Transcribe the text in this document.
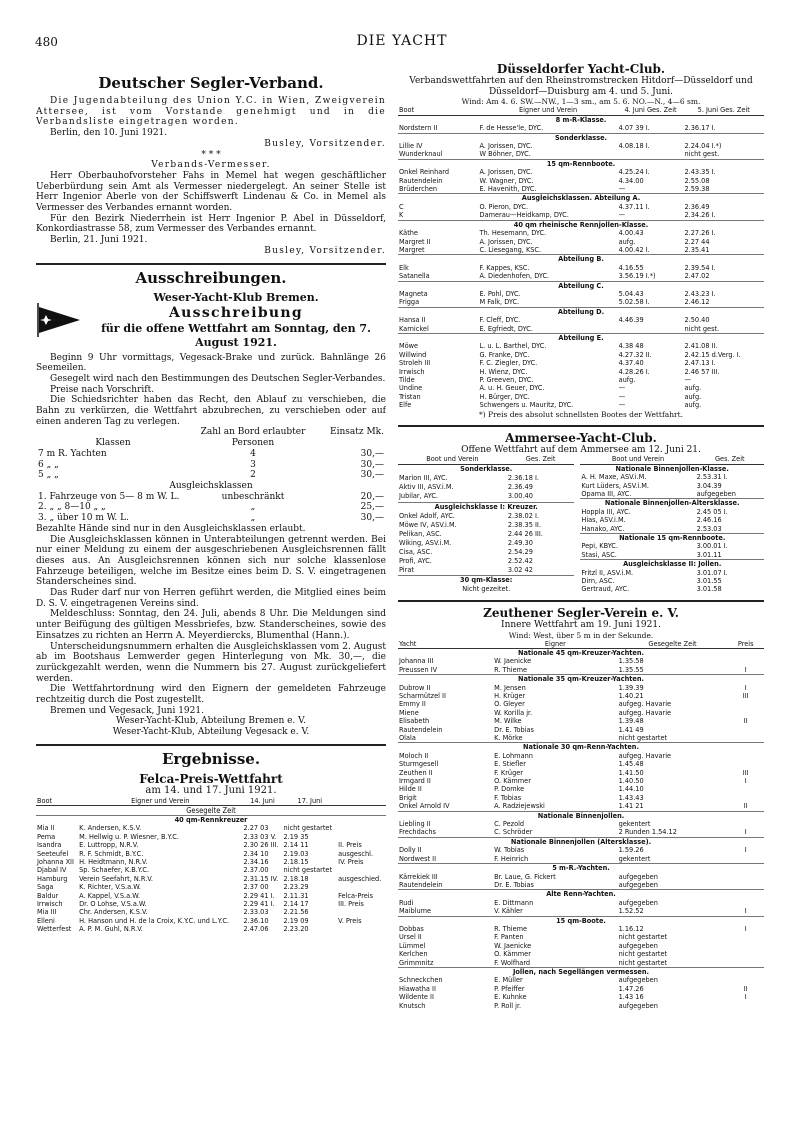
480	DIE YACHT
Deutscher Segler-Verband.
Die Jugendabteilung des Union Y.C. in Wien, Zweigverein Attersee, ist vom Vorstande genehmigt und in die Verbandsliste eingetragen worden.
Berlin, den 10. Juni 1921.
Busley, Vorsitzender.
* * *
Verbands-Vermesser.
Herr Oberbauhofvorsteher Fahs in Memel hat wegen geschäftlicher Ueberbürdung sein Amt als Vermesser niedergelegt. An seiner Stelle ist Herr Ingenior Aberle von der Schiffswerft Lindenau & Co. in Memel als Vermesser des Verbandes ernannt worden.
Für den Bezirk Niederrhein ist Herr Ingenior P. Abel in Düsseldorf, Konkordiastrasse 58, zum Vermesser des Verbandes ernannt.
Berlin, 21. Juni 1921.
Busley, Vorsitzender.
Ausschreibungen.
Weser-Yacht-Klub Bremen.
Ausschreibung
für die offene Wettfahrt am Sonntag, den 7. August 1921.
Beginn 9 Uhr vormittags, Vegesack-Brake und zurück. Bahnlänge 26 Seemeilen.
Gesegelt wird nach den Bestimmungen des Deutschen Segler-Verbandes.
Preise nach Vorschrift.
Die Schiedsrichter haben das Recht, den Ablauf zu verschieben, die Bahn zu verkürzen, die Wettfahrt abzubrechen, zu verschieben oder auf einen anderen Tag zu verlegen.
Klassen	Zahl an Bord erlaubter Personen	Einsatz Mk.
7 m R. Yachten	4	30,—
6 „ „	3	30,—
5 „ „	2	30,—
Ausgleichsklassen		
1. Fahrzeuge von 5— 8 m W. L.	unbeschränkt	20,—
2. „ „ 8—10 „ „	„	25,—
3. „ über 10 m W. L.	„	30,—
Bezahlte Hände sind nur in den Ausgleichsklassen erlaubt.
Die Ausgleichsklassen können in Unterabteilungen getrennt werden. Bei nur einer Meldung zu einem der ausgeschriebenen Ausgleichsrennen fällt dieses aus. An Ausgleichsrennen können sich nur solche klassenlose Fahrzeuge beteiligen, welche im Besitze eines beim D. S. V. eingetragenen Standerscheines sind.
Das Ruder darf nur von Herren geführt werden, die Mitglied eines beim D. S. V. eingetragenen Vereins sind.
Meldeschluss: Sonntag, den 24. Juli, abends 8 Uhr. Die Meldungen sind unter Beifügung des gültigen Messbriefes, bzw. Standerscheines, sowie des Einsatzes zu richten an Herrn A. Meyerdiercks, Blumenthal (Hann.).
Unterscheidungsnummern erhalten die Ausgleichsklassen vom 2. August ab im Bootshaus Lemwerder gegen Hinterlegung von Mk. 30,—, die zurückgezahlt werden, wenn die Nummern bis 27. August zurückgeliefert werden.
Die Wettfahrtordnung wird den Eignern der gemeldeten Fahrzeuge rechtzeitig durch die Post zugestellt.
Bremen und Vegesack, Juni 1921.
Weser-Yacht-Klub, Abteilung Bremen e. V.
Weser-Yacht-Klub, Abteilung Vegesack e. V.
Ergebnisse.
Felca-Preis-Wettfahrt
am 14. und 17. Juni 1921.
Boot	Eigner und Verein	14. Juni	17. Juni	
Gesegelte Zeit				
40 qm-Rennkreuzer				
Mia II	K. Andersen, K.S.V.	2.27 03	nicht gestartet	
Pema	M. Hellwig u. P. Wiesner, B.Y.C.	2.33 03 V.	2.19 35	
Isandra	E. Luttropp, N.R.V.	2.30 26 III.	2.14 11	II. Preis
Seeteufel	R. F. Schmidt, B.Y.C.	2.34 10	2.19.03	ausgeschl.
Johanna XII	H. Heidtmann, N.R.V.	2.34.16	2.18.15	IV. Preis
Djabal IV	Sp. Schaefer, K.B.Y.C.	2.37.00	nicht gestartet	
Hamburg	Verein Seefahrt, N.R.V.	2.31.15 IV.	2.18.18	ausgeschied.
Saga	K. Richter, V.S.a.W.	2.37 00	2.23.29	
Baldur	A. Kappel, V.S.a.W.	2.29 41 I.	2.11.31	Felca-Preis
Irrwisch	Dr. O Lohse, V.S.a.W.	2.29 41 I.	2.14 17	III. Preis
Mia III	Chr. Andersen, K.S.V.	2.33.03	2.21.56	
Elleni	H. Hanson und H. de la Croix, K.Y.C. und L.Y.C.	2.36.10	2.19 09	V. Preis
Wetterfest	A. P. M. Guhl, N.R.V.	2.47.06	2.23.20	
Düsseldorfer Yacht-Club.
Verbandswettfahrten auf den Rheinstromstrecken Hitdorf—Düsseldorf und Düsseldorf—Duisburg am 4. und 5. Juni.
Wind: Am 4. 6. SW.—NW., 1—3 sm., am 5. 6. NO.—N., 4—6 sm.
Boot	Eigner und Verein	4. Juni Ges. Zeit	5. Juni Ges. Zeit
8 m-R-Klasse.			
Nordstern II	F. de Hesse'le, DYC.	4.07 39 I.	2.36.17 I.
Sonderklasse.			
Lillie IV	A. Jorissen, DYC.	4.08.18 I.	2.24.04 I.*)
Wunderknaul	W Böhner, DYC.		nicht gest.
15 qm-Rennboote.			
Onkel Reinhard	A. Jorissen, DYC.	4.25.24 I.	2.43.35 I.
Rautendelein	W. Wagner, DYC.	4.34.00	2.55.08
Brüderchen	E. Havenith, DYC.	—	2.59.38
Ausgleichsklassen. Abteilung A.			
C	O. Pieron, DYC.	4.37.11 I.	2.36.49
K	Damerau—Heidkamp, DYC.	—	2.34.26 I.
40 qm rheinische Rennjollen-Klasse.			
Käthe	Th. Hesemann, DYC.	4.00.43	2.27.26 I.
Margret II	A. Jorissen, DYC.	aufg.	2.27 44
Margret	C. Liesegang, KSC.	4.00.42 I.	2.35.41
Abteilung B.			
Elk	F. Kappes, KSC.	4.16.55	2.39.54 I.
Satanella	A. Diedenhofen, DYC.	3.56.19 I.*)	2.47.02
Abteilung C.			
Magneta	E. Pohl, DYC.	5.04.43	2.43.23 I.
Frigga	M Falk, DYC.	5.02.58 I.	2.46.12
Abteilung D.			
Hansa II	F. Cleff, DYC.	4.46.39	2.50.40
Karnickel	E. Egfriedt, DYC.		nicht gest.
Abteilung E.			
Möwe	L. u. L. Barthel, DYC.	4.38 48	2.41.08 II.
Willwind	G. Franke, DYC.	4.27.32 II.	2.42.15 d.Verg. I.
Stroleh III	F. C. Ziegler, DYC.	4.37.40	2.47.13 I.
Irrwisch	H. Wienz, DYC.	4.28.26 I.	2.46 57 III.
Tilde	P. Greeven, DYC.	aufg.	—
Undine	A. u. H. Geuer, DYC.	—	aufg.
Tristan	H. Bürger, DYC.	—	aufg.
Elfe	Schwengers u. Mauritz, DYC.	—	aufg.
*) Preis des absolut schnellsten Bootes der Wettfahrt.
Ammersee-Yacht-Club.
Offene Wettfahrt auf dem Ammersee am 12. Juni 21.
Boot und Verein	Ges. Zeit
Sonderklasse.	
Marion III, AYC.	2.36.18 I.
Aktiv III, ASV.i.M.	2.36.49
Jubilar, AYC.	3.00.40
Ausgleichsklasse I: Kreuzer.	
Onkel Adolf, AYC.	2.38.02 I.
Möwe IV, ASV.i.M.	2.38.35 II.
Pelikan, ASC.	2.44 26 III.
Wiking, ASV.i.M.	2.49.30
Cisa, ASC.	2.54.29
Profi, AYC.	2.52.42
Pirat	3.02 42
30 qm-Klasse:	
Nicht gezeitet.	
Boot und Verein	Ges. Zeit
Nationale Binnenjollen-Klasse.	
A. H. Maxe, ASV.i.M.	2.53.31 I.
Kurt Lüders, ASV.i.M.	3.04.39
Opama III, AYC.	aufgegeben
Nationale Binnenjollen-Altersklasse.	
Hoppla III, AYC.	2.45 05 I.
Hias, ASV.i.M.	2.46.16
Hanako, AYC.	2.53.03
Nationale 15 qm-Rennboote.	
Pepi, KBYC.	3.00.01 I.
Stasi, ASC.	3.01.11
Ausgleichsklasse II: Jollen.	
Fritzl II, ASV.i.M.	3.01.07 I.
Dirn, ASC.	3.01.55
Gertraud, AYC.	3.01.58
Zeuthener Segler-Verein e. V.
Innere Wettfahrt am 19. Juni 1921.
Wind: West, über 5 m in der Sekunde.
Yacht	Eigner	Gesegelte Zeit	Preis
Nationale 45 qm-Kreuzer-Yachten.			
Johanna III	W. Jaenicke	1.35.58	
Preussen IV	R. Thieme	1.35.55	I
Nationale 35 qm-Kreuzer-Yachten.			
Dubrow II	M. Jensen	1.39.39	I
Scharmützel II	H. Krüger	1.40.21	III
Emmy II	O. Gleyer	aufgeg. Havarie	
Miene	W. Korilla jr.	aufgeg. Havarie	
Elisabeth	M. Wilke	1.39.48	II
Rautendelein	Dr. E. Tobias	1.41 49	
Olala	K. Mörke	nicht gestartet	
Nationale 30 qm-Renn-Yachten.			
Moloch II	E. Lohmann	aufgeg. Havarie	
Sturmgesell	E. Stiefler	1.45.48	
Zeuthen II	F. Krüger	1.41.50	III
Irmgard II	O. Kämmer	1.40.50	I
Hilde II	P. Domke	1.44.10	
Brigit	F. Tobias	1.43.43	
Onkel Arnold IV	A. Radziejewski	1.41 21	II
Nationale Binnenjollen.			
Liebling II	C. Pezold	gekentert	
Frechdachs	C. Schröder	2 Runden 1.54.12	I
Nationale Binnenjollen (Altersklasse).			
Dolly II	W. Tobias	1.59.26	I
Nordwest II	F. Heinrich	gekentert	
5 m-R.-Yachten.			
Kärrekiek III	Br. Laue, G. Fickert	aufgegeben	
Rautendelein	Dr. E. Tobias	aufgegeben	
Alte Renn-Yachten.			
Rudi	E. Dittmann	aufgegeben	
Maiblume	V. Kähler	1.52.52	I
15 qm-Boote.			
Dobbas	R. Thieme	1.16.12	I
Ursel II	F. Panten	nicht gestartet	
Lümmel	W. Jaenicke	aufgegeben	
Kerlchen	O. Kämmer	nicht gestartet	
Grimmnitz	F. Wolfhard	nicht gestartet	
Jollen, nach Segellängen vermessen.			
Schneckchen	E. Müller	aufgegeben	
Hiawatha II	P. Pfeiffer	1.47.26	II
Wildente II	E. Kuhnke	1.43 16	I
Knutsch	P. Roll jr.	aufgegeben	
